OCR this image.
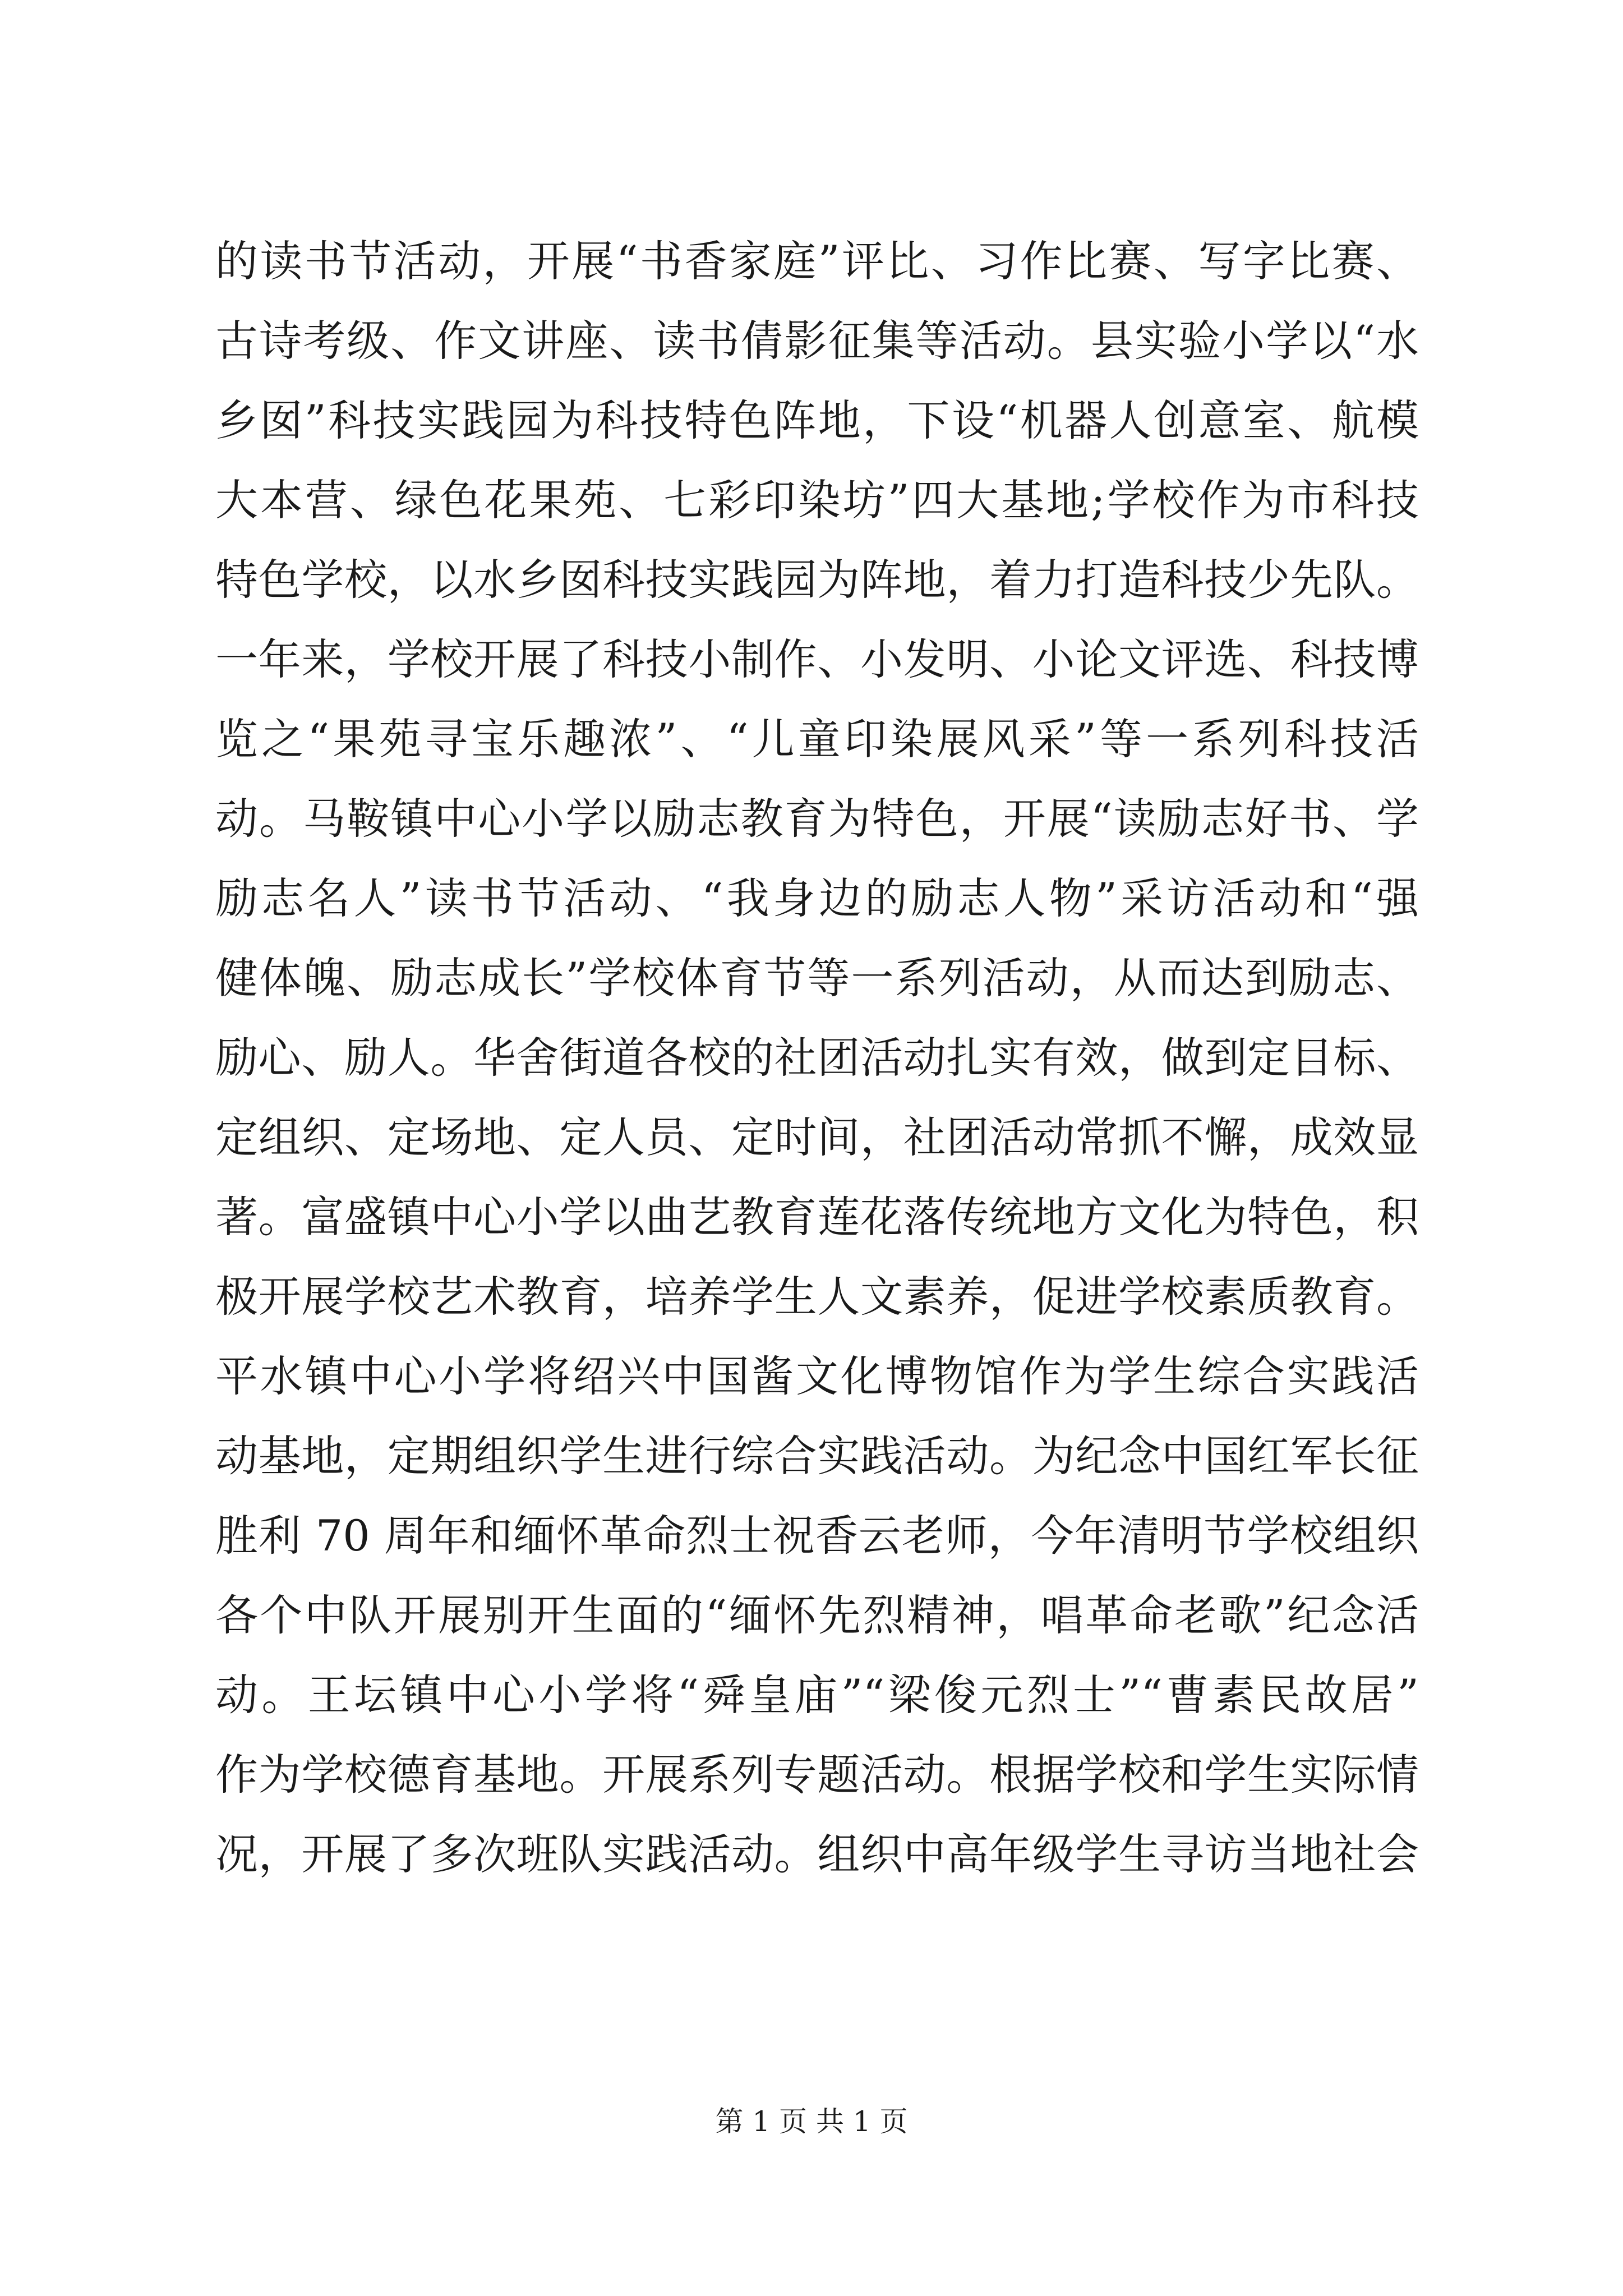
的读书节活动，开展“书香家庭”评比、习作比赛、写字比赛、
古诗考级、作文讲座、读书倩影征集等活动。县实验小学以“水
乡囡”科技实践园为科技特色阵地，下设“机器人创意室、航模
大本营、绿色花果苑、七彩印染坊”四大基地;学校作为市科技
特色学校，以水乡囡科技实践园为阵地，着力打造科技少先队。
一年来，学校开展了科技小制作、小发明、小论文评选、科技博
览之“果苑寻宝乐趣浓”、“儿童印染展风采”等一系列科技活
动。马鞍镇中心小学以励志教育为特色，开展“读励志好书、学
励志名人”读书节活动、“我身边的励志人物”采访活动和“强
健体魄、励志成长”学校体育节等一系列活动，从而达到励志、
励心、励人。华舍街道各校的社团活动扎实有效，做到定目标、
定组织、定场地、定人员、定时间，社团活动常抓不懈，成效显
著。富盛镇中心小学以曲艺教育莲花落传统地方文化为特色，积
极开展学校艺术教育，培养学生人文素养，促进学校素质教育。
平水镇中心小学将绍兴中国酱文化博物馆作为学生综合实践活
动基地，定期组织学生进行综合实践活动。为纪念中国红军长征
胜利 70 周年和缅怀革命烈士祝香云老师，今年清明节学校组织
各个中队开展别开生面的“缅怀先烈精神，唱革命老歌”纪念活
动。王坛镇中心小学将“舜皇庙”“梁俊元烈士”“曹素民故居”
作为学校德育基地。开展系列专题活动。根据学校和学生实际情
况，开展了多次班队实践活动。组织中高年级学生寻访当地社会
第 1 页 共 1 页
